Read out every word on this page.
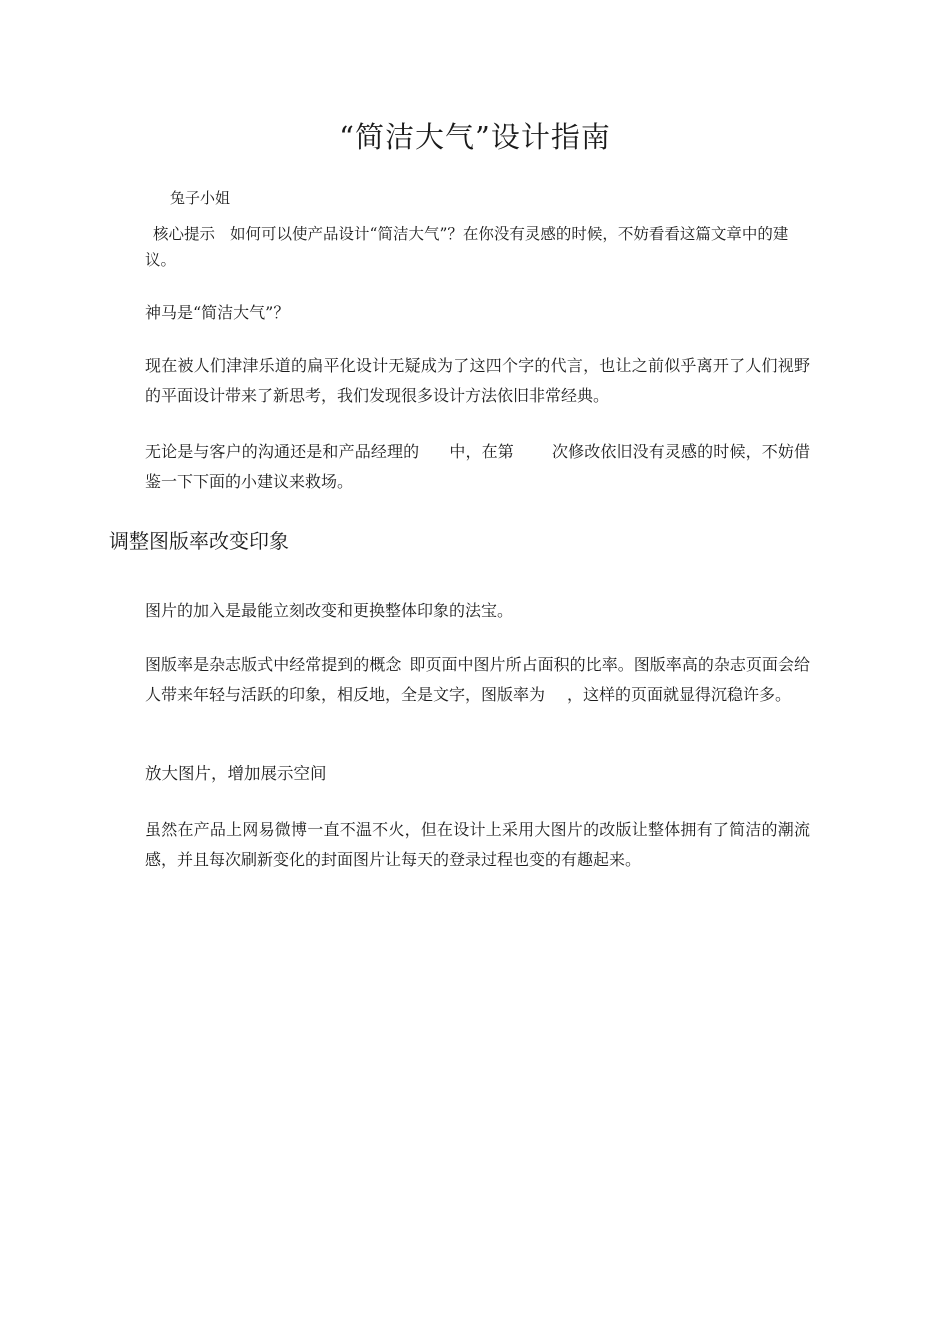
“简洁大气”设计指南
兔子小姐
核心提示 如何可以使产品设计“简洁大气”？在你没有灵感的时候，不妨看看这篇文章中的建议。
神马是“简洁大气”？
现在被人们津津乐道的扁平化设计无疑成为了这四个字的代言，也让之前似乎离开了人们视野的平面设计带来了新思考，我们发现很多设计方法依旧非常经典。
无论是与客户的沟通还是和产品经理的 中，在第 次修改依旧没有灵感的时候，不妨借鉴一下下面的小建议来救场。
调整图版率改变印象
图片的加入是最能立刻改变和更换整体印象的法宝。
图版率是杂志版式中经常提到的概念 即页面中图片所占面积的比率。图版率高的杂志页面会给人带来年轻与活跃的印象，相反地，全是文字，图版率为 ，这样的页面就显得沉稳许多。
放大图片，增加展示空间
虽然在产品上网易微博一直不温不火，但在设计上采用大图片的改版让整体拥有了简洁的潮流感，并且每次刷新变化的封面图片让每天的登录过程也变的有趣起来。
